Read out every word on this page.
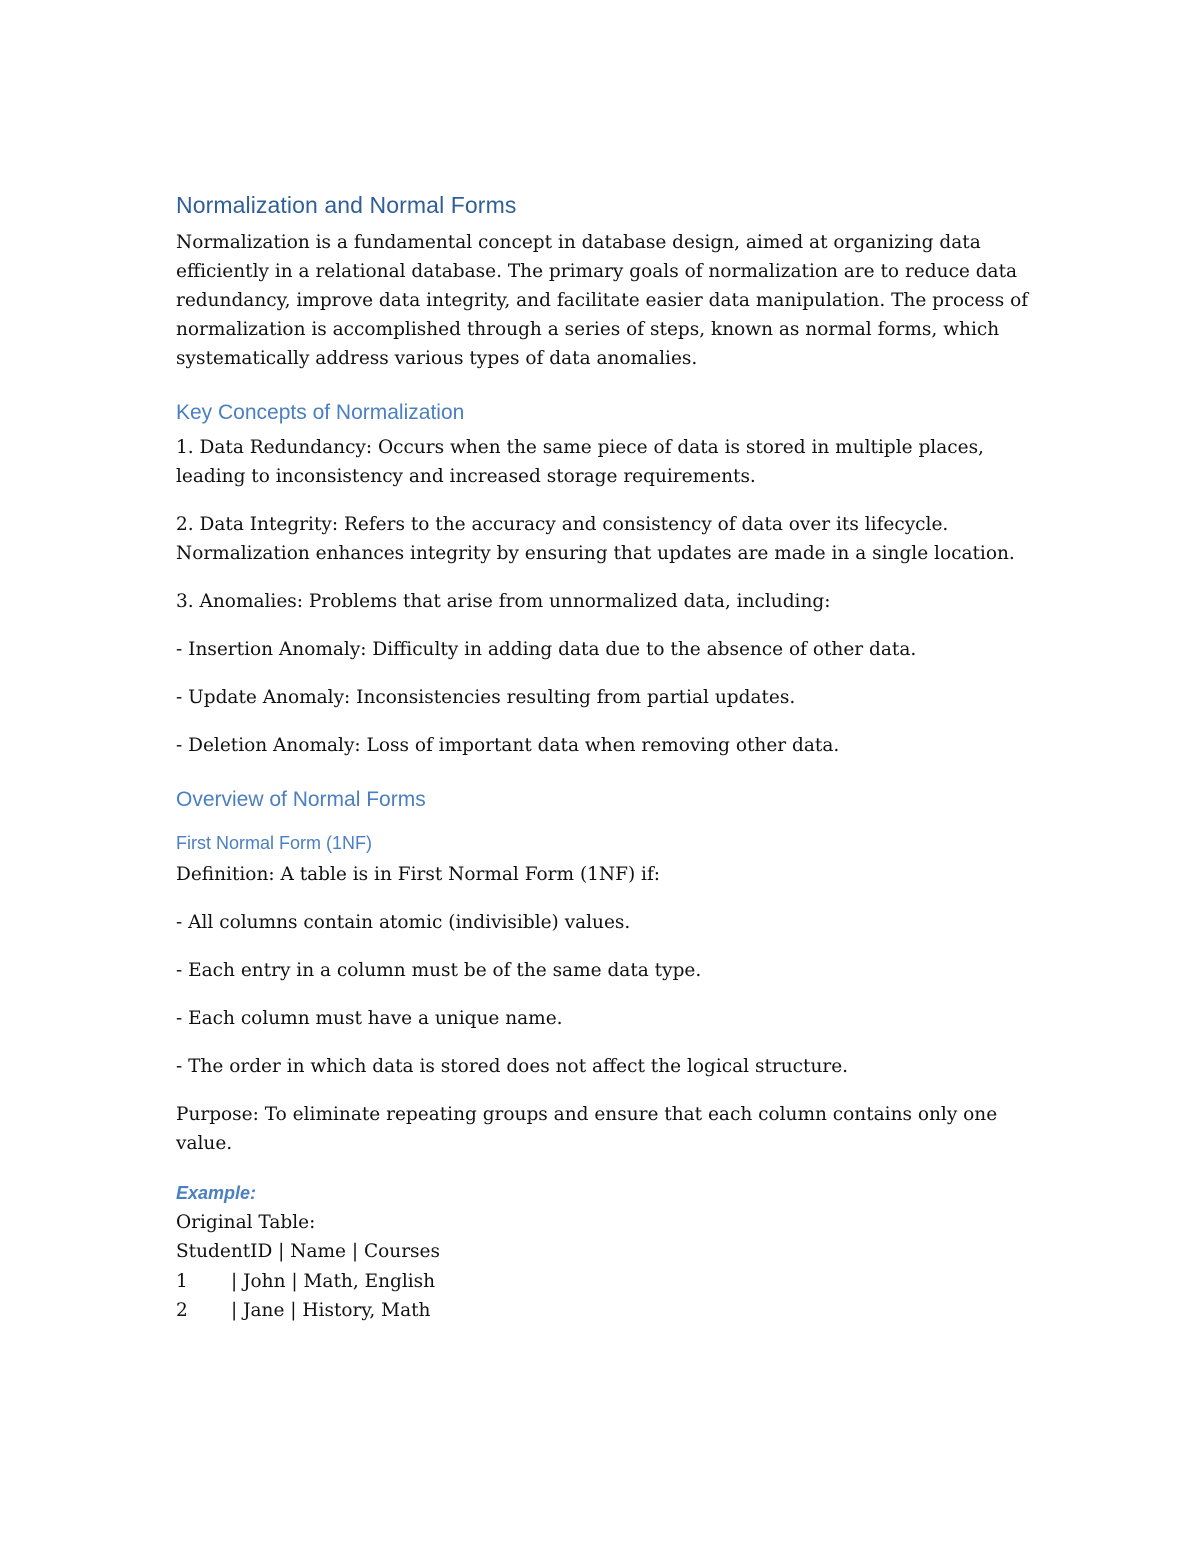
Normalization and Normal Forms

Normalization is a fundamental concept in database design, aimed at organizing data efficiently in a relational database. The primary goals of normalization are to reduce data redundancy, improve data integrity, and facilitate easier data manipulation. The process of normalization is accomplished through a series of steps, known as normal forms, which systematically address various types of data anomalies.

Key Concepts of Normalization

1. Data Redundancy: Occurs when the same piece of data is stored in multiple places, leading to inconsistency and increased storage requirements.

2. Data Integrity: Refers to the accuracy and consistency of data over its lifecycle. Normalization enhances integrity by ensuring that updates are made in a single location.

3. Anomalies: Problems that arise from unnormalized data, including:

- Insertion Anomaly: Difficulty in adding data due to the absence of other data.

- Update Anomaly: Inconsistencies resulting from partial updates.

- Deletion Anomaly: Loss of important data when removing other data.

Overview of Normal Forms
First Normal Form (1NF)

Definition: A table is in First Normal Form (1NF) if:

- All columns contain atomic (indivisible) values.

- Each entry in a column must be of the same data type.

- Each column must have a unique name.

- The order in which data is stored does not affect the logical structure.

Purpose: To eliminate repeating groups and ensure that each column contains only one value.

Example:

Original Table:

StudentID | Name | Courses
1 | John | Math, English
2 | Jane | History, Math
